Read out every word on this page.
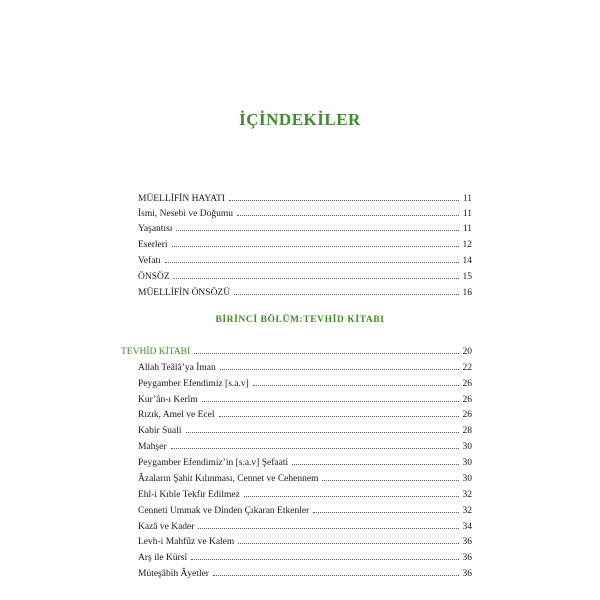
İÇİNDEKİLER
MÜELLİFİN HAYATI	11
İsmi, Nesebi ve Doğumu	11
Yaşantısı	11
Eserleri	12
Vefatı	14
ÖNSÖZ	15
MÜELLİFİN ÖNSÖZÜ	16
BİRİNCİ BÖLÜM:TEVHİD KİTABI
TEVHİD KİTABI	20
Allah Teâlâ’ya İman	22
Peygamber Efendimiz [s.a.v]	26
Kur’ân-ı Kerîm	26
Rızık, Amel ve Ecel	26
Kabir Suali	28
Mahşer	30
Peygamber Efendimiz’in [s.a.v] Şefaati	30
Âzaların Şahit Kılınması, Cennet ve Cehennem	30
Ehl-i Kıble Tekfir Edilmez	32
Cenneti Ummak ve Dinden Çıkaran Etkenler	32
Kazâ ve Kader	34
Levh-i Mahfûz ve Kalem	36
Arş ile Kürsî	36
Müteşâbih Âyetler	36
